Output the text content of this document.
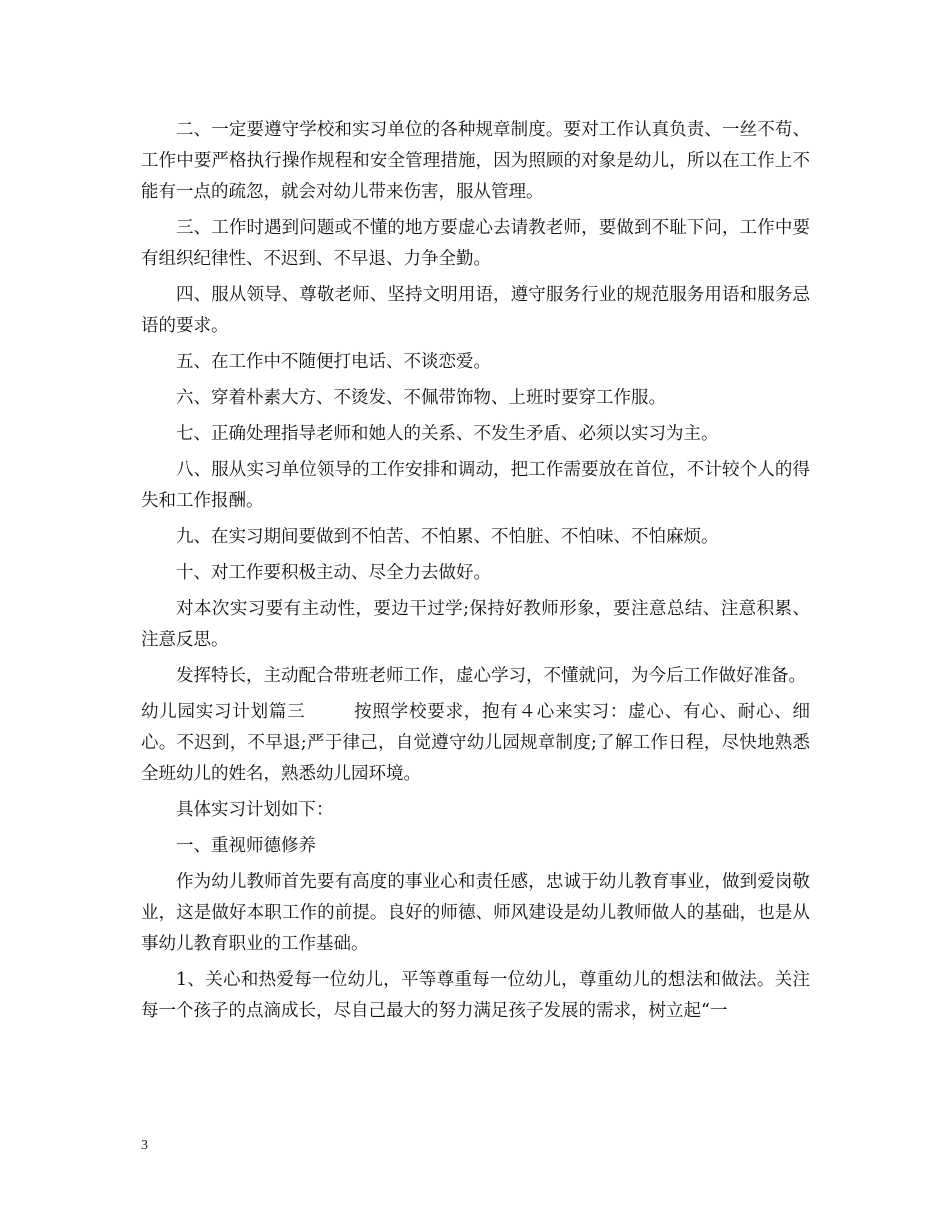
二、一定要遵守学校和实习单位的各种规章制度。要对工作认真负责、一丝不苟、工作中要严格执行操作规程和安全管理措施，因为照顾的对象是幼儿，所以在工作上不能有一点的疏忽，就会对幼儿带来伤害，服从管理。

三、工作时遇到问题或不懂的地方要虚心去请教老师，要做到不耻下问，工作中要有组织纪律性、不迟到、不早退、力争全勤。

四、服从领导、尊敬老师、坚持文明用语，遵守服务行业的规范服务用语和服务忌语的要求。

五、在工作中不随便打电话、不谈恋爱。

六、穿着朴素大方、不烫发、不佩带饰物、上班时要穿工作服。

七、正确处理指导老师和她人的关系、不发生矛盾、必须以实习为主。

八、服从实习单位领导的工作安排和调动，把工作需要放在首位，不计较个人的得失和工作报酬。

九、在实习期间要做到不怕苦、不怕累、不怕脏、不怕味、不怕麻烦。

十、对工作要积极主动、尽全力去做好。

对本次实习要有主动性，要边干过学;保持好教师形象，要注意总结、注意积累、注意反思。

发挥特长，主动配合带班老师工作，虚心学习，不懂就问，为今后工作做好准备。

幼儿园实习计划篇三	按照学校要求，抱有４心来实习：虚心、有心、耐心、细心。不迟到，不早退;严于律己，自觉遵守幼儿园规章制度;了解工作日程，尽快地熟悉全班幼儿的姓名，熟悉幼儿园环境。

具体实习计划如下：

一、重视师德修养

作为幼儿教师首先要有高度的事业心和责任感，忠诚于幼儿教育事业，做到爱岗敬业，这是做好本职工作的前提。良好的师德、师风建设是幼儿教师做人的基础，也是从事幼儿教育职业的工作基础。

1、关心和热爱每一位幼儿，平等尊重每一位幼儿，尊重幼儿的想法和做法。关注每一个孩子的点滴成长，尽自己最大的努力满足孩子发展的需求，树立起“一

3
